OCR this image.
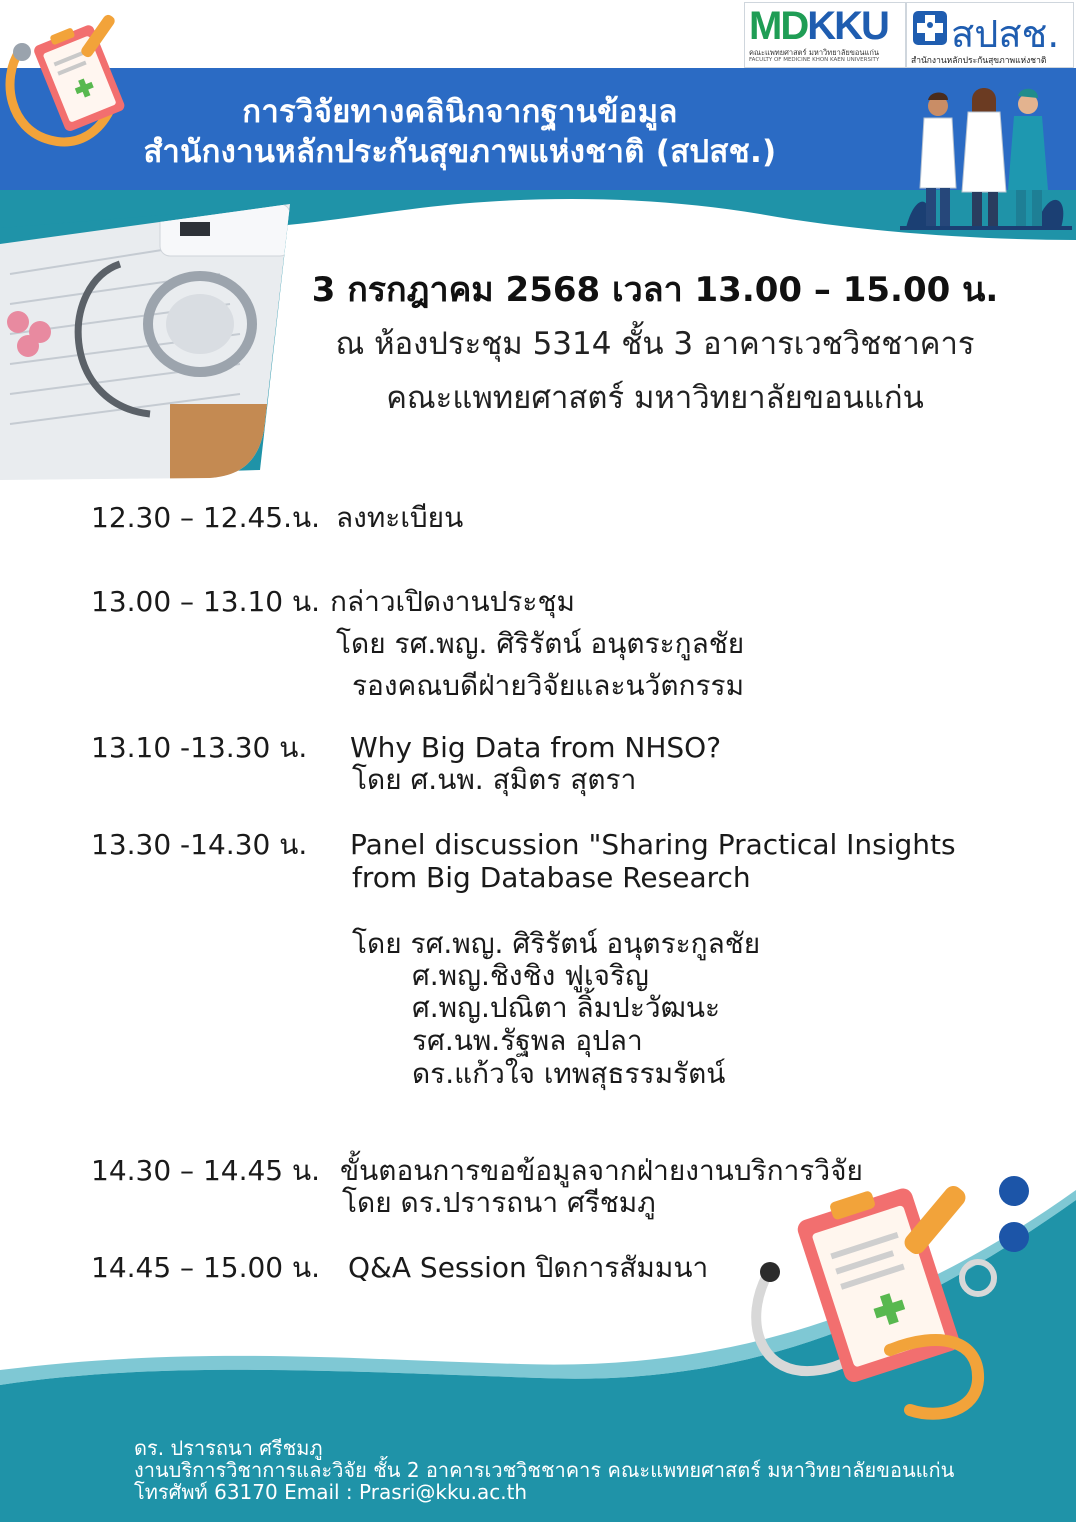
การวิจัยทางคลินิกจากฐานข้อมูล
สำนักงานหลักประกันสุขภาพแห่งชาติ (สปสช.)
MDKKU
คณะแพทยศาสตร์ มหาวิทยาลัยขอนแก่น
FACULTY OF MEDICINE KHON KAEN UNIVERSITY
สปสช.
สำนักงานหลักประกันสุขภาพแห่งชาติ
3 กรกฎาคม 2568 เวลา 13.00 – 15.00 น.
ณ ห้องประชุม 5314 ชั้น 3 อาคารเวชวิชชาคาร
คณะแพทยศาสตร์ มหาวิทยาลัยขอนแก่น
12.30 – 12.45.น. ลงทะเบียน
13.00 – 13.10 น. กล่าวเปิดงานประชุม
โดย รศ.พญ. ศิริรัตน์ อนุตระกูลชัย
รองคณบดีฝ่ายวิจัยและนวัตกรรม
13.10 -13.30 น. Why Big Data from NHSO?
โดย ศ.นพ. สุมิตร สุตรา
13.30 -14.30 น. Panel discussion "Sharing Practical Insights
from Big Database Research
โดย รศ.พญ. ศิริรัตน์ อนุตระกูลชัย
ศ.พญ.ชิงชิง ฟูเจริญ
ศ.พญ.ปณิตา ลิ้มปะวัฒนะ
รศ.นพ.รัฐพล อุปลา
ดร.แก้วใจ เทพสุธรรมรัตน์
14.30 – 14.45 น. ขั้นตอนการขอข้อมูลจากฝ่ายงานบริการวิจัย
โดย ดร.ปรารถนา ศรีชมภู
14.45 – 15.00 น. Q&A Session ปิดการสัมมนา
ดร. ปรารถนา ศรีชมภู
งานบริการวิชาการและวิจัย ชั้น 2 อาคารเวชวิชชาคาร คณะแพทยศาสตร์ มหาวิทยาลัยขอนแก่น
โทรศัพท์ 63170 Email : Prasri@kku.ac.th
